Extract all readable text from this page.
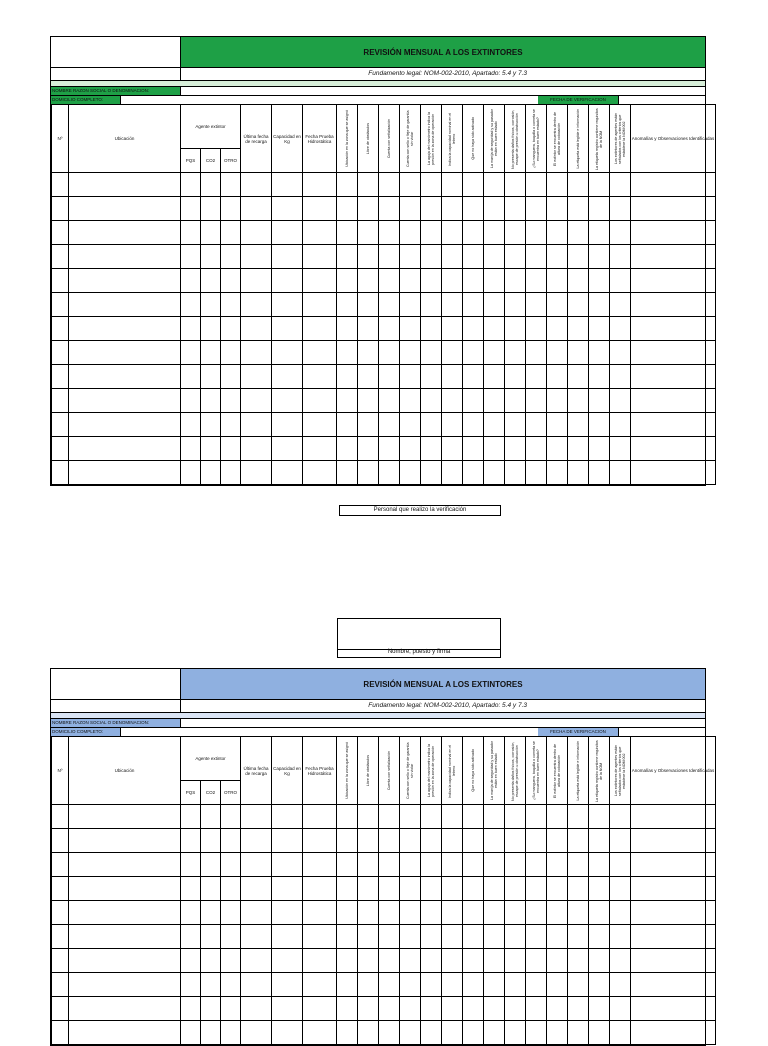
REVISIÓN MENSUAL A LOS EXTINTORES
Fundamento legal: NOM-002-2010, Apartado: 5.4 y 7.3
NOMBRE RAZON SOCIAL O DENOMINACION:
DOMICILIO COMPLETO:	FECHA DE VERIFICACION
Nº	Ubicación	Agente extintor			Última fecha de recarga	Capacidad en Kg	Fecha Prueba Hidrostática	Ubicación en la zona que se asignó	Libre de obstáculos	Cuenta con señalización	Cuenta con sello o fleje de garantía sin violar	La aguja del manómetro indica la presión en la zona de operación	Indica la capacidad nominal en el letrero	Que no haya sido activado	La manija de seguridad y su pasador están en buen estado	No presenta daños físicos, corrosión, escape de presión u obstrucción	¿Su manguera, boquilla o corneta se encuentra en buen estado?	El extintor se encuentra dentro de altura de colocación	La etiqueta está legible e información	La etiqueta registro contiene requisitos de la NOM	Los extintores de agentes están señalados con los criterios que establece la NOM 002	Anomalías y Observaciones Identificadas
		PQS	CO2	OTRO																		

Personal que realizo la verificación
Nombre, puesto y firma
REVISIÓN MENSUAL A LOS EXTINTORES
Fundamento legal: NOM-002-2010, Apartado: 5.4 y 7.3
NOMBRE RAZON SOCIAL O DENOMINACION:
DOMICILIO COMPLETO:	FECHA DE VERIFICACION
Nº	Ubicación	Agente extintor			Última fecha de recarga	Capacidad en Kg	Fecha Prueba Hidrostática	Ubicación en la zona que se asignó	Libre de obstáculos	Cuenta con señalización	Cuenta con sello o fleje de garantía sin violar	La aguja del manómetro indica la presión en la zona de operación	Indica la capacidad nominal en el letrero	Que no haya sido activado	La manija de seguridad y su pasador están en buen estado	No presenta daños físicos, corrosión, escape de presión u obstrucción	¿Su manguera, boquilla o corneta se encuentra en buen estado?	El extintor se encuentra dentro de altura de colocación	La etiqueta está legible e información	La etiqueta registro contiene requisitos de la NOM	Los extintores de agentes están señalados con los criterios que establece la NOM 002	Anomalías y Observaciones Identificadas
		PQS	CO2	OTRO																		
